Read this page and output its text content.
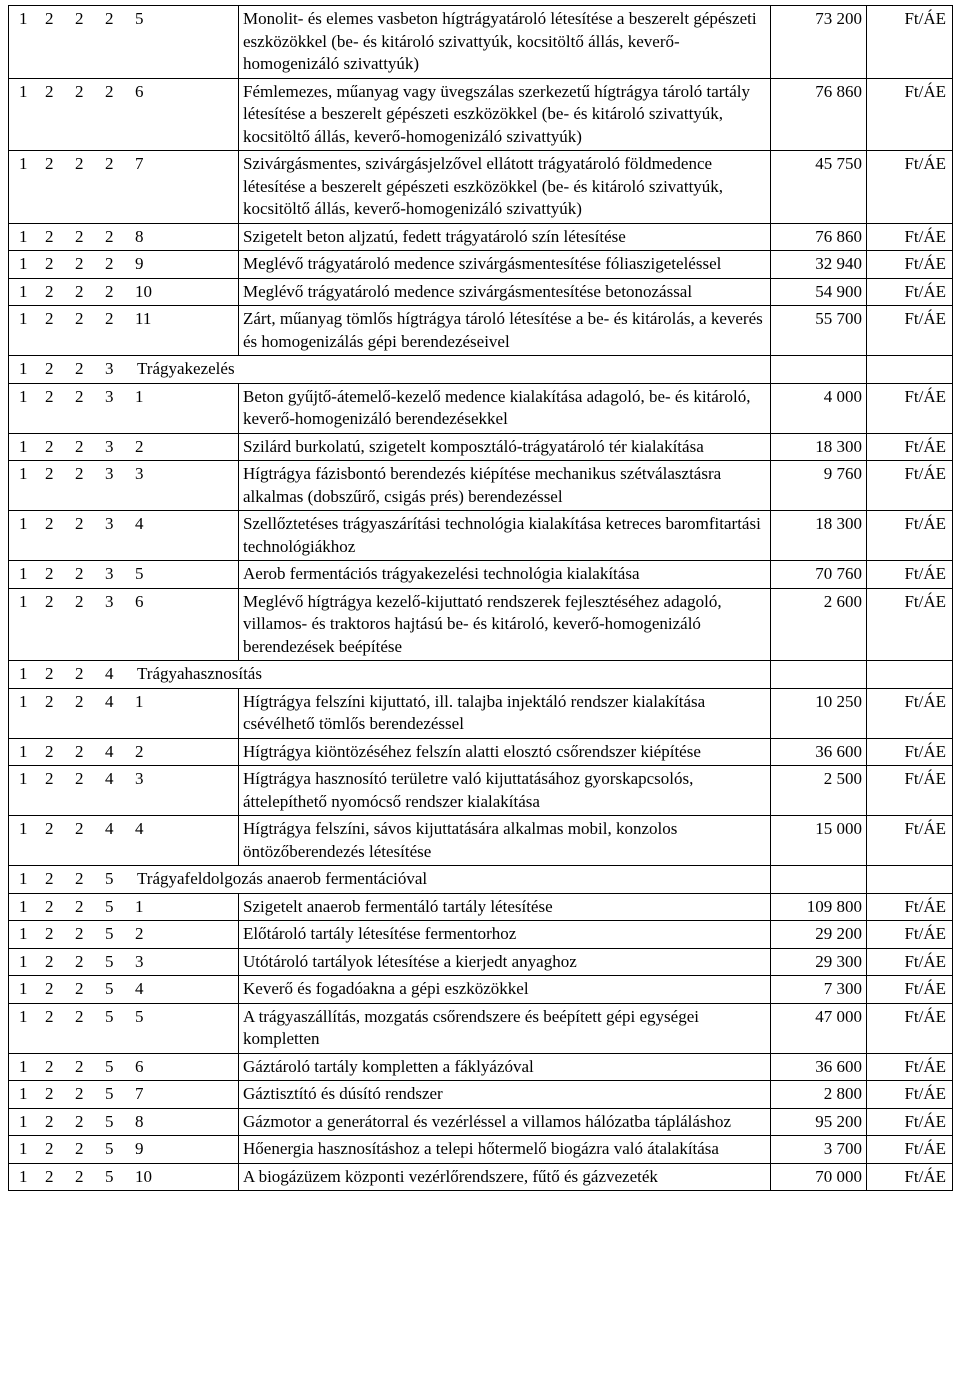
1 2 2 2 5	Monolit- és elemes vasbeton hígtrágyatároló létesítése a beszerelt gépészeti eszközökkel (be- és kitároló szivattyúk, kocsitöltő állás, keverő-homogenizáló szivattyúk)	73 200	Ft/ÁE

1 2 2 2 6	Fémlemezes, műanyag vagy üvegszálas szerkezetű hígtrágya tároló tartály létesítése a beszerelt gépészeti eszközökkel (be- és kitároló szivattyúk, kocsitöltő állás, keverő-homogenizáló szivattyúk)	76 860	Ft/ÁE

1 2 2 2 7	Szivárgásmentes, szivárgásjelzővel ellátott trágyatároló földmedence létesítése a beszerelt gépészeti eszközökkel (be- és kitároló szivattyúk, kocsitöltő állás, keverő-homogenizáló szivattyúk)	45 750	Ft/ÁE

1 2 2 2 8	Szigetelt beton aljzatú, fedett trágyatároló szín létesítése	76 860	Ft/ÁE

1 2 2 2 9	Meglévő trágyatároló medence szivárgásmentesítése fóliaszigeteléssel	32 940	Ft/ÁE

1 2 2 2 10	Meglévő trágyatároló medence szivárgásmentesítése betonozással	54 900	Ft/ÁE

1 2 2 2 11	Zárt, műanyag tömlős hígtrágya tároló létesítése a be- és kitárolás, a keverés és homogenizálás gépi berendezéseivel	55 700	Ft/ÁE

1 2 2 3 Trágyakezelés			

1 2 2 3 1	Beton gyűjtő-átemelő-kezelő medence kialakítása adagoló, be- és kitároló, keverő-homogenizáló berendezésekkel	4 000	Ft/ÁE

1 2 2 3 2	Szilárd burkolatú, szigetelt komposztáló-trágyatároló tér kialakítása	18 300	Ft/ÁE

1 2 2 3 3	Hígtrágya fázisbontó berendezés kiépítése mechanikus szétválasztásra alkalmas (dobszűrő, csigás prés) berendezéssel	9 760	Ft/ÁE

1 2 2 3 4	Szellőztetéses trágyaszárítási technológia kialakítása ketreces baromfitartási technológiákhoz	18 300	Ft/ÁE

1 2 2 3 5	Aerob fermentációs trágyakezelési technológia kialakítása	70 760	Ft/ÁE

1 2 2 3 6	Meglévő hígtrágya kezelő-kijuttató rendszerek fejlesztéséhez adagoló, villamos- és traktoros hajtású be- és kitároló, keverő-homogenizáló berendezések beépítése	2 600	Ft/ÁE

1 2 2 4 Trágyahasznosítás			

1 2 2 4 1	Hígtrágya felszíni kijuttató, ill. talajba injektáló rendszer kialakítása csévélhető tömlős berendezéssel	10 250	Ft/ÁE

1 2 2 4 2	Hígtrágya kiöntözéséhez felszín alatti elosztó csőrendszer kiépítése	36 600	Ft/ÁE

1 2 2 4 3	Hígtrágya hasznosító területre való kijuttatásához gyorskapcsolós, áttelepíthető nyomócső rendszer kialakítása	2 500	Ft/ÁE

1 2 2 4 4	Hígtrágya felszíni, sávos kijuttatására alkalmas mobil, konzolos öntözőberendezés létesítése	15 000	Ft/ÁE

1 2 2 5 Trágyafeldolgozás anaerob fermentációval			

1 2 2 5 1	Szigetelt anaerob fermentáló tartály létesítése	109 800	Ft/ÁE

1 2 2 5 2	Előtároló tartály létesítése fermentorhoz	29 200	Ft/ÁE

1 2 2 5 3	Utótároló tartályok létesítése a kierjedt anyaghoz	29 300	Ft/ÁE

1 2 2 5 4	Keverő és fogadóakna a gépi eszközökkel	7 300	Ft/ÁE

1 2 2 5 5	A trágyaszállítás, mozgatás csőrendszere és beépített gépi egységei kompletten	47 000	Ft/ÁE

1 2 2 5 6	Gáztároló tartály kompletten a fáklyázóval	36 600	Ft/ÁE

1 2 2 5 7	Gáztisztító és dúsító rendszer	2 800	Ft/ÁE

1 2 2 5 8	Gázmotor a generátorral és vezérléssel a villamos hálózatba tápláláshoz	95 200	Ft/ÁE

1 2 2 5 9	Hőenergia hasznosításhoz a telepi hőtermelő biogázra való átalakítása	3 700	Ft/ÁE

1 2 2 5 10	A biogázüzem központi vezérlőrendszere, fűtő és gázvezeték	70 000	Ft/ÁE
